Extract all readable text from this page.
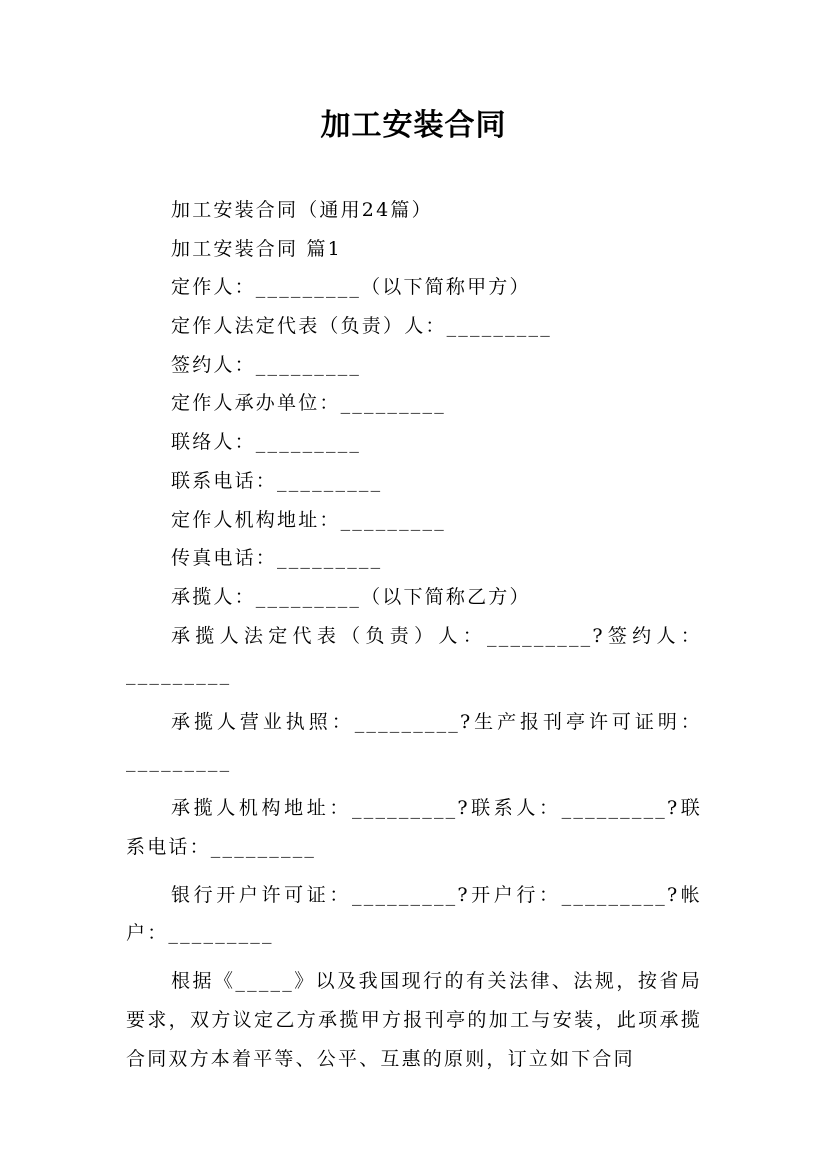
加工安装合同
加工安装合同（通用24篇）
加工安装合同 篇1
定作人：_________（以下简称甲方）
定作人法定代表（负责）人：_________
签约人：_________
定作人承办单位：_________
联络人：_________
联系电话：_________
定作人机构地址：_________
传真电话：_________
承揽人：_________（以下简称乙方）
承揽人法定代表（负责）人：_________?签约人：_________
承揽人营业执照：_________?生产报刊亭许可证明：_________
承揽人机构地址：_________?联系人：_________?联系电话：_________
银行开户许可证：_________?开户行：_________?帐户：_________
根据《_____》以及我国现行的有关法律、法规，按省局要求，双方议定乙方承揽甲方报刊亭的加工与安装，此项承揽合同双方本着平等、公平、互惠的原则，订立如下合同
